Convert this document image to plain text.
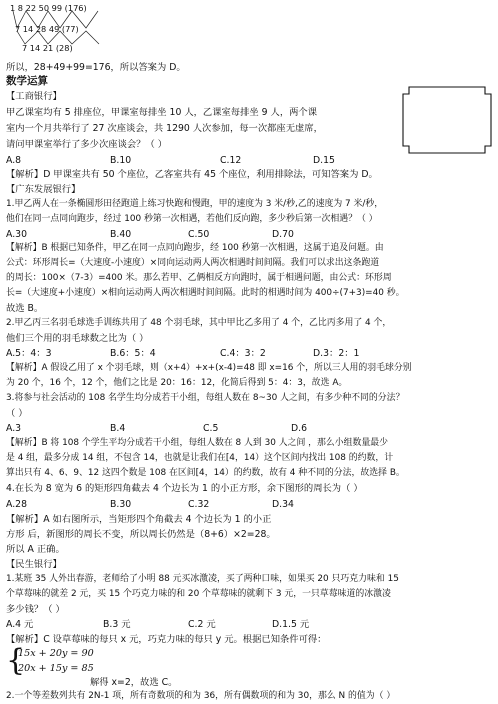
1 8 22 50 99 (176)
7 14 28 49 (77)
7 14 21 (28)
所以，28+49+99=176，所以答案为 D。
数学运算
【工商银行】
甲乙课室均有 5 排座位，甲课室每排坐 10 人，乙课室每排坐 9 人，两个课
室内一个月共举行了 27 次座谈会，共 1290 人次参加，每一次都座无虚席，
请问甲课室举行了多少次座谈会？（ ）
A.8	B.10	C.12	D.15
【解析】D 甲课室共有 50 个座位，乙客室共有 45 个座位，利用排除法，可知答案为 D。
【广东发展银行】
1.甲乙两人在一条椭圆形田径跑道上练习快跑和慢跑，甲的速度为 3 米/秒,乙的速度为 7 米/秒，
他们在同一点同向跑步，经过 100 秒第一次相遇，若他们反向跑，多少秒后第一次相遇？（ ）
A.30	B.40	C.50	D.70
【解析】B 根据已知条件，甲乙在同一点同向跑步，经 100 秒第一次相遇，这属于追及问题。由
公式：环形周长=（大速度-小速度）×同向运动两人两次相遇时间间隔。我们可以求出这条跑道
的周长：100×（7-3）=400 米。那么若甲、乙俩相反方向跑时，属于相遇问题，由公式：环形周
长=（大速度+小速度）×相向运动两人两次相遇时间间隔。此时的相遇时间为 400÷(7+3)=40 秒。
故选 B。
2.甲乙丙三名羽毛球选手训练共用了 48 个羽毛球，其中甲比乙多用了 4 个，乙比丙多用了 4 个，
他们三个用的羽毛球数之比为（ ）
A.5：4：3	B.6：5：4	C.4：3：2	D.3：2：1
【解析】A 假设乙用了 x 个羽毛球，则（x+4）+x+(x-4)=48 即 x=16 个，所以三人用的羽毛球分别
为 20 个，16 个，12 个，他们之比是 20：16：12，化简后得到 5：4：3，故选 A。
3.将参与社会活动的 108 名学生均分成若干小组，每组人数在 8~30 人之间，有多少种不同的分法？
（ ）
A.3	B.4	C.5	D.6
【解析】B 将 108 个学生平均分成若干小组，每组人数在 8 人到 30 人之间 ，那么小组数量最少
是 4 组，最多分成 14 组，不包含 14，也就是让我们在[4，14）这个区间内找出 108 的约数，计
算出只有 4、6、9、12 这四个数是 108 在区间[4，14）的约数，故有 4 种不同的分法，故选择 B。
4.在长为 8 宽为 6 的矩形四角截去 4 个边长为 1 的小正方形，余下图形的周长为（ ）
A.28	B.30	C.32	D.34
【解析】A 如右图所示，当矩形四个角截去 4 个边长为 1 的小正
方形 后，新图形的周长不变，所以周长仍然是（8+6）×2=28。
所以 A 正确。
【民生银行】
1.某班 35 人外出春游，老师给了小明 88 元买冰激凌，买了两种口味，如果买 20 只巧克力味和 15
个草莓味的就差 2 元，买 15 个巧克力味的和 20 个草莓味的就剩下 3 元，一只草莓味道的冰激凌
多少钱？（ ）
A.4 元	B.3 元	C.2 元	D.1.5 元
【解析】C 设草莓味的每只 x 元，巧克力味的每只 y 元。根据已知条件可得：
{
15x + 20y = 90
20x + 15y = 85
解得 x=2，故选 C。
2.一个等差数列共有 2N-1 项，所有奇数项的和为 36，所有偶数项的和为 30，那么 N 的值为（ ）
